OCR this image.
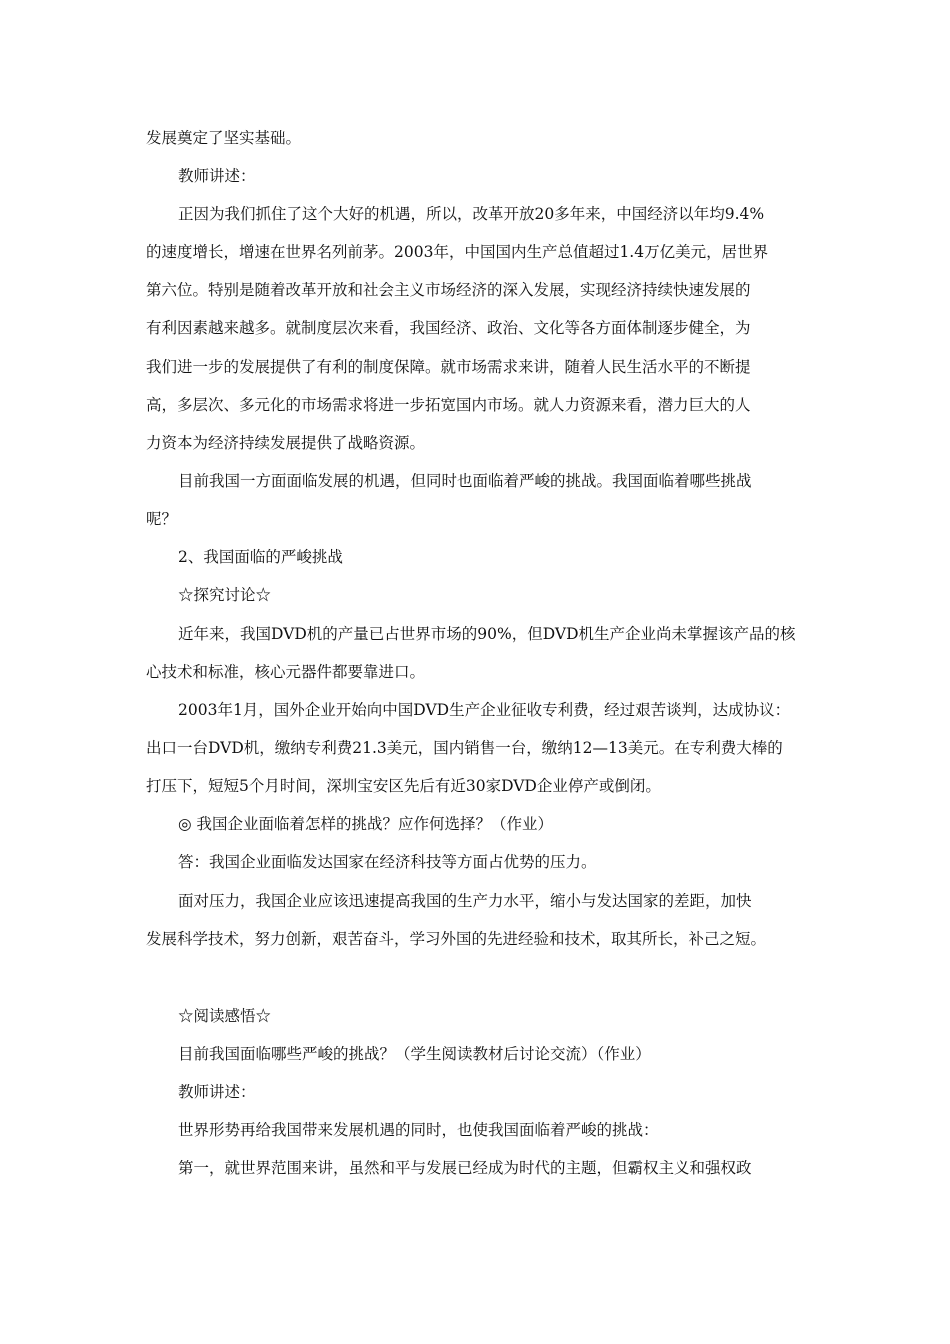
发展奠定了坚实基础。
教师讲述：
正因为我们抓住了这个大好的机遇，所以，改革开放20多年来，中国经济以年均9.4%
的速度增长，增速在世界名列前茅。2003年，中国国内生产总值超过1.4万亿美元，居世界
第六位。特别是随着改革开放和社会主义市场经济的深入发展，实现经济持续快速发展的
有利因素越来越多。就制度层次来看，我国经济、政治、文化等各方面体制逐步健全，为
我们进一步的发展提供了有利的制度保障。就市场需求来讲，随着人民生活水平的不断提
高，多层次、多元化的市场需求将进一步拓宽国内市场。就人力资源来看，潜力巨大的人
力资本为经济持续发展提供了战略资源。
目前我国一方面面临发展的机遇，但同时也面临着严峻的挑战。我国面临着哪些挑战
呢？
2、我国面临的严峻挑战
☆探究讨论☆
近年来，我国DVD机的产量已占世界市场的90%，但DVD机生产企业尚未掌握该产品的核
心技术和标准，核心元器件都要靠进口。
2003年1月，国外企业开始向中国DVD生产企业征收专利费，经过艰苦谈判，达成协议：
出口一台DVD机，缴纳专利费21.3美元，国内销售一台，缴纳12—13美元。在专利费大棒的
打压下，短短5个月时间，深圳宝安区先后有近30家DVD企业停产或倒闭。
◎ 我国企业面临着怎样的挑战？应作何选择？（作业）
答：我国企业面临发达国家在经济科技等方面占优势的压力。
面对压力，我国企业应该迅速提高我国的生产力水平，缩小与发达国家的差距，加快
发展科学技术，努力创新，艰苦奋斗，学习外国的先进经验和技术，取其所长，补己之短。
☆阅读感悟☆
目前我国面临哪些严峻的挑战？（学生阅读教材后讨论交流）（作业）
教师讲述：
世界形势再给我国带来发展机遇的同时，也使我国面临着严峻的挑战：
第一，就世界范围来讲，虽然和平与发展已经成为时代的主题，但霸权主义和强权政
